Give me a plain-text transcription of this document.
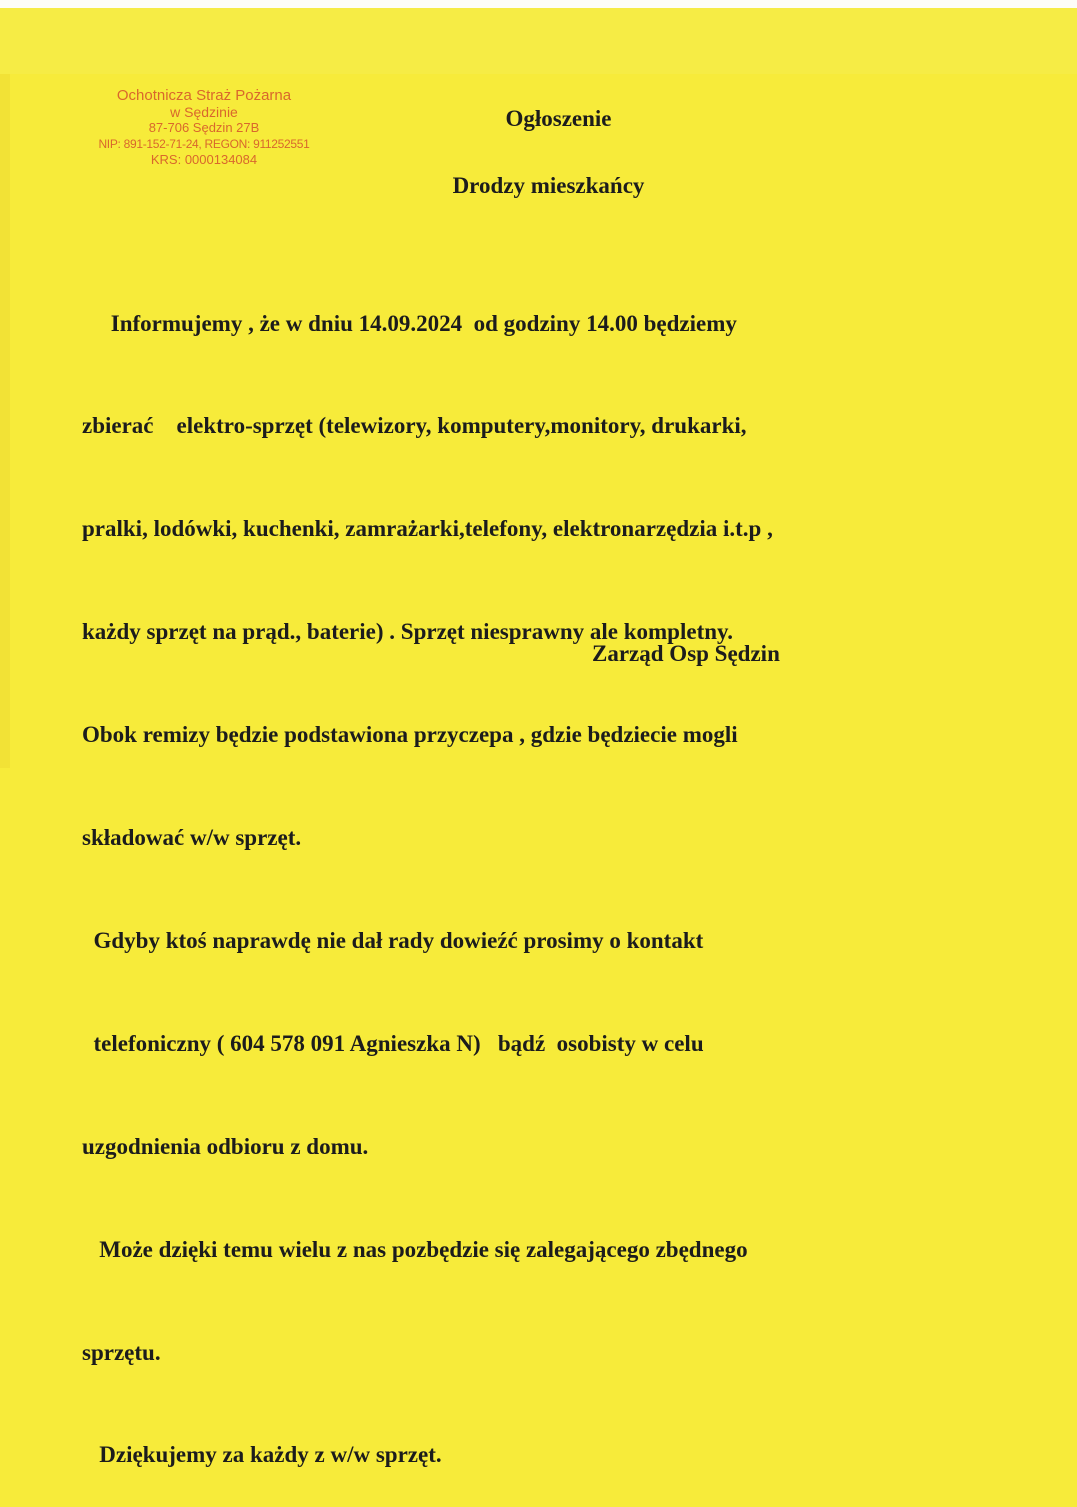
Ochotnicza Straż Pożarna
w Sędzinie
87-706 Sędzin 27B
NIP: 891-152-71-24, REGON: 911252551
KRS: 0000134084
Ogłoszenie
Drodzy mieszkańcy

Informujemy , że w dniu 14.09.2024  od godziny 14.00 będziemy

zbierać    elektro-sprzęt (telewizory, komputery,monitory, drukarki,

pralki, lodówki, kuchenki, zamrażarki,telefony, elektronarzędzia i.t.p ,

każdy sprzęt na prąd., baterie) . Sprzęt niesprawny ale kompletny.

Obok remizy będzie podstawiona przyczepa , gdzie będziecie mogli

składować w/w sprzęt.

Gdyby ktoś naprawdę nie dał rady dowieźć prosimy o kontakt

telefoniczny ( 604 578 091 Agnieszka N)   bądź  osobisty w celu

uzgodnienia odbioru z domu.

Może dzięki temu wielu z nas pozbędzie się zalegającego zbędnego

sprzętu.

Dziękujemy za każdy z w/w sprzęt.

Zarząd Osp Sędzin
